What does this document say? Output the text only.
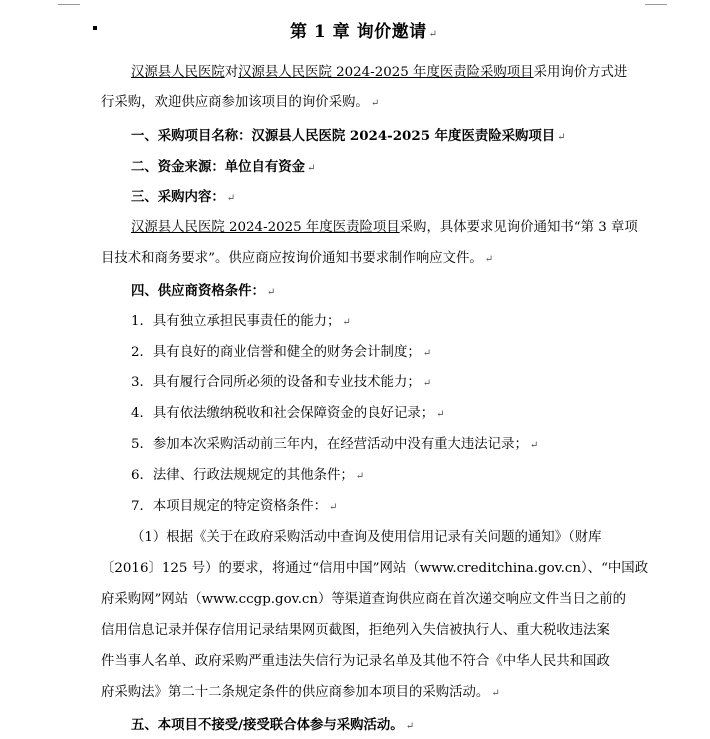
第 1 章 询价邀请 ↵
汉源县人民医院对汉源县人民医院 2024-2025 年度医责险采购项目采用询价方式进
行采购，欢迎供应商参加该项目的询价采购。 ↵
一、采购项目名称：汉源县人民医院 2024-2025 年度医责险采购项目 ↵
二、资金来源：单位自有资金 ↵
三、采购内容： ↵
汉源县人民医院 2024-2025 年度医责险项目采购，具体要求见询价通知书“第 3 章项
目技术和商务要求”。供应商应按询价通知书要求制作响应文件。 ↵
四、供应商资格条件： ↵
1．具有独立承担民事责任的能力； ↵
2．具有良好的商业信誉和健全的财务会计制度； ↵
3．具有履行合同所必须的设备和专业技术能力； ↵
4．具有依法缴纳税收和社会保障资金的良好记录； ↵
5．参加本次采购活动前三年内，在经营活动中没有重大违法记录； ↵
6．法律、行政法规规定的其他条件； ↵
7．本项目规定的特定资格条件： ↵
（1）根据《关于在政府采购活动中查询及使用信用记录有关问题的通知》（财库
〔2016〕125 号）的要求，将通过“信用中国”网站（www.creditchina.gov.cn）、“中国政
府采购网”网站（www.ccgp.gov.cn）等渠道查询供应商在首次递交响应文件当日之前的
信用信息记录并保存信用记录结果网页截图，拒绝列入失信被执行人、重大税收违法案
件当事人名单、政府采购严重违法失信行为记录名单及其他不符合《中华人民共和国政
府采购法》第二十二条规定条件的供应商参加本项目的采购活动。 ↵
五、本项目不接受/接受联合体参与采购活动。 ↵
